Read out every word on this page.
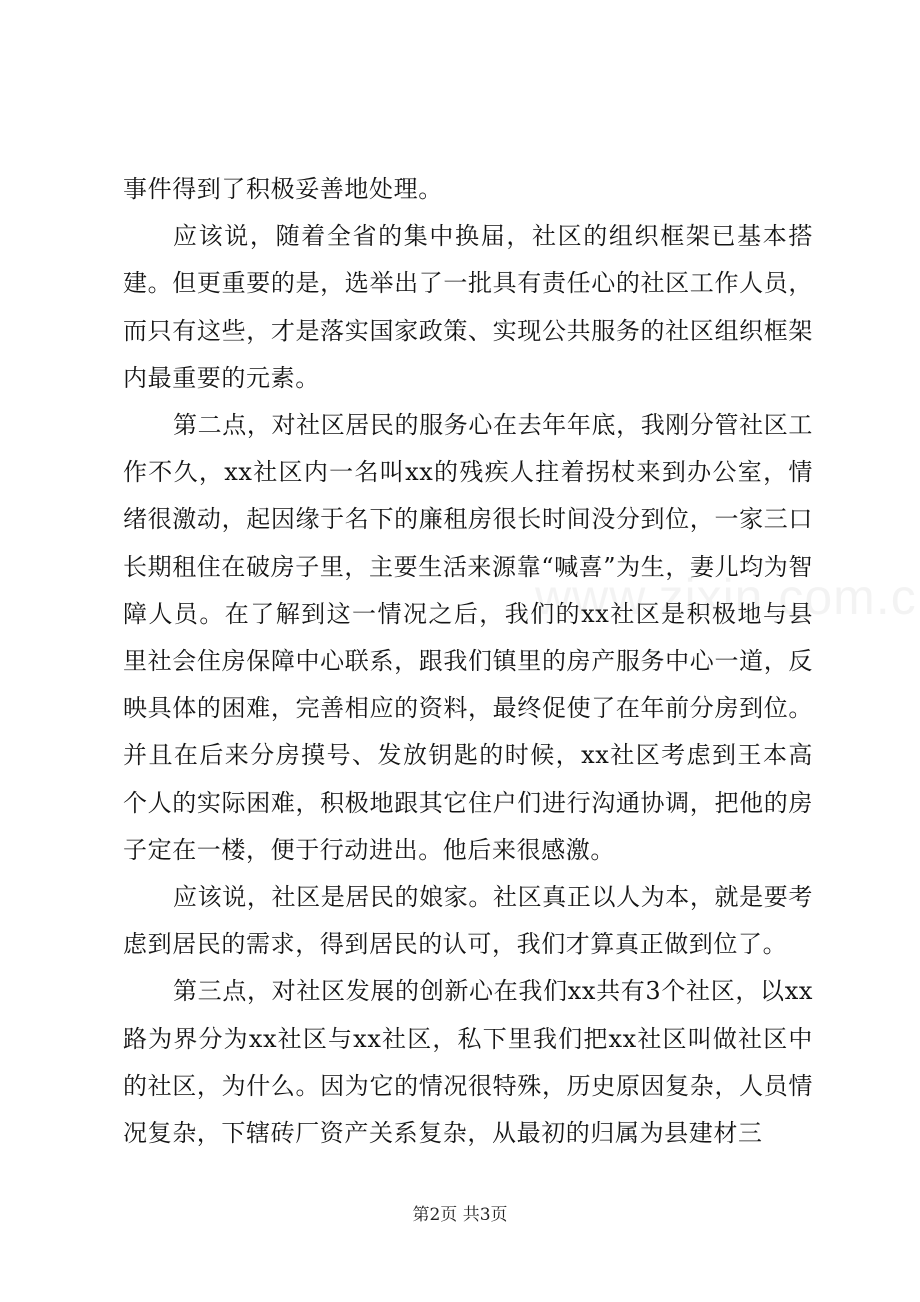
事件得到了积极妥善地处理。

应该说，随着全省的集中换届，社区的组织框架已基本搭建。但更重要的是，选举出了一批具有责任心的社区工作人员，而只有这些，才是落实国家政策、实现公共服务的社区组织框架内最重要的元素。

第二点，对社区居民的服务心在去年年底，我刚分管社区工作不久，xx社区内一名叫xx的残疾人拄着拐杖来到办公室，情绪很激动，起因缘于名下的廉租房很长时间没分到位，一家三口长期租住在破房子里，主要生活来源靠“喊喜”为生，妻儿均为智障人员。在了解到这一情况之后，我们的xx社区是积极地与县里社会住房保障中心联系，跟我们镇里的房产服务中心一道，反映具体的困难，完善相应的资料，最终促使了在年前分房到位。并且在后来分房摸号、发放钥匙的时候，xx社区考虑到王本高个人的实际困难，积极地跟其它住户们进行沟通协调，把他的房子定在一楼，便于行动进出。他后来很感激。

应该说，社区是居民的娘家。社区真正以人为本，就是要考虑到居民的需求，得到居民的认可，我们才算真正做到位了。

第三点，对社区发展的创新心在我们xx共有3个社区，以xx路为界分为xx社区与xx社区，私下里我们把xx社区叫做社区中的社区，为什么。因为它的情况很特殊，历史原因复杂，人员情况复杂，下辖砖厂资产关系复杂，从最初的归属为县建材三

第2页 共3页
